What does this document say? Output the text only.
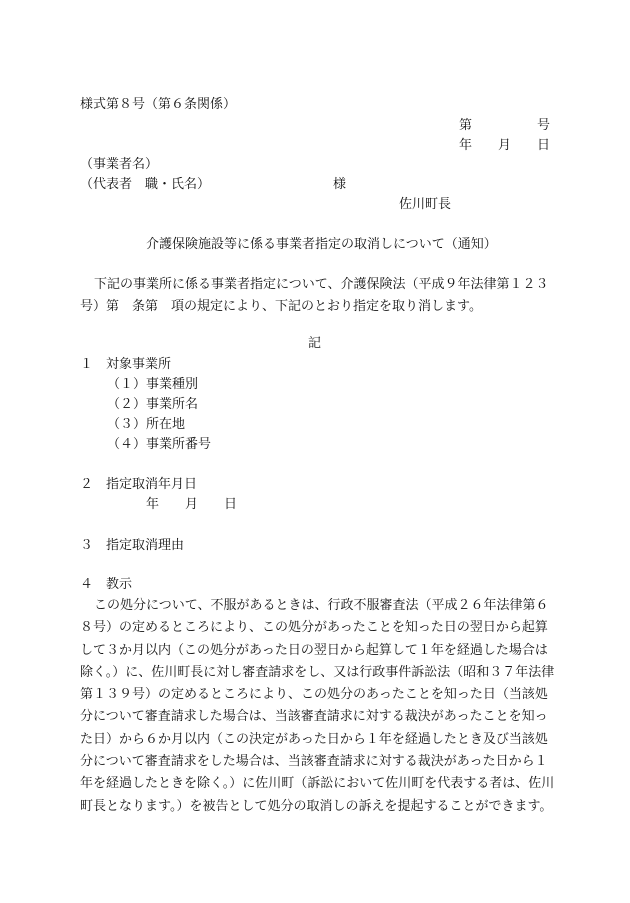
様式第８号（第６条関係）
第　　　　　号
年　　月　　日
（事業者名）
（代表者　職・氏名）	様
佐川町長
介護保険施設等に係る事業者指定の取消しについて（通知）
下記の事業所に係る事業者指定について、介護保険法（平成９年法律第１２３号）第　条第　項の規定により、下記のとおり指定を取り消します。
記
１　対象事業所
（１）事業種別
（２）事業所名
（３）所在地
（４）事業所番号
２　指定取消年月日
年　　月　　日
３　指定取消理由
４　教示
この処分について、不服があるときは、行政不服審査法（平成２６年法律第６８号）の定めるところにより、この処分があったことを知った日の翌日から起算して３か月以内（この処分があった日の翌日から起算して１年を経過した場合は除く。）に、佐川町長に対し審査請求をし、又は行政事件訴訟法（昭和３７年法律第１３９号）の定めるところにより、この処分のあったことを知った日（当該処分について審査請求した場合は、当該審査請求に対する裁決があったことを知った日）から６か月以内（この決定があった日から１年を経過したとき及び当該処分について審査請求をした場合は、当該審査請求に対する裁決があった日から１年を経過したときを除く。）に佐川町（訴訟において佐川町を代表する者は、佐川町長となります。）を被告として処分の取消しの訴えを提起することができます。
